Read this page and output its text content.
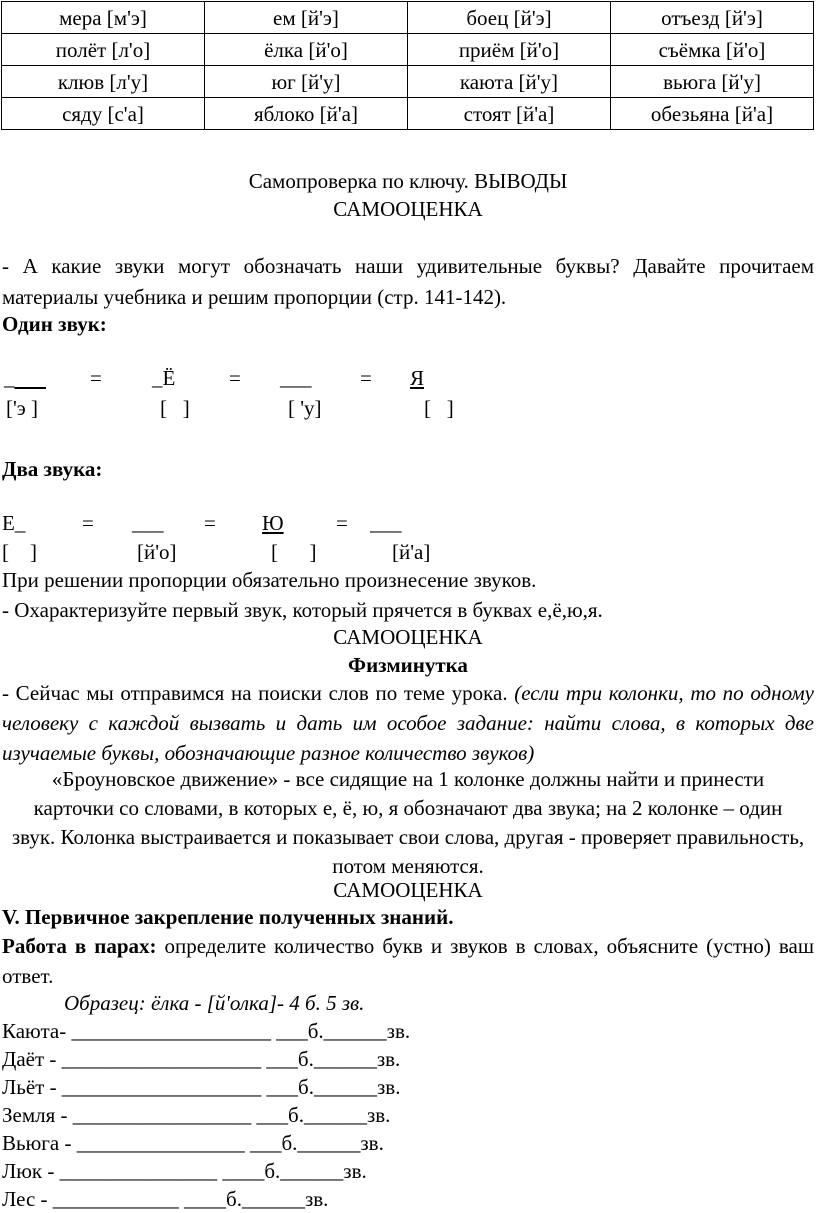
мера [м'э]	ем [й'э]	боец [й'э]	отъезд [й'э]
полёт [л'о]	ёлка [й'о]	приём [й'о]	съёмка [й'о]
клюв [л'у]	юг [й'у]	каюта [й'у]	вьюга [й'у]
сяду [с'а]	яблоко [й'а]	стоят [й'а]	обезьяна [й'а]
Самопроверка по ключу. ВЫВОДЫ
САМООЦЕНКА
- А какие звуки могут обозначать наши удивительные буквы? Давайте прочитаем материалы учебника и решим пропорции (стр. 141-142).
Один звук:
_	= _Ё	= ___ = Я
['э ]	[   ]	[ 'у]	[   ]
Два звука:
Е_	= ___ = Ю = ___
[    ]	[й'о]	[      ]	[й'а]
При решении пропорции обязательно произнесение звуков.
- Охарактеризуйте первый звук, который прячется в буквах е,ё,ю,я.
САМООЦЕНКА
Физминутка
- Сейчас мы отправимся на поиски слов по теме урока. (если три колонки, то по одному человеку с каждой вызвать и дать им особое задание: найти слова, в которых две изучаемые буквы, обозначающие разное количество звуков)
«Броуновское движение» - все сидящие на 1 колонке должны найти и принести карточки со словами, в которых е, ё, ю, я обозначают два звука; на 2 колонке – один звук. Колонка выстраивается и показывает свои слова, другая - проверяет правильность, потом меняются.
САМООЦЕНКА
V. Первичное закрепление полученных знаний.
Работа в парах: определите количество букв и звуков в словах, объясните (устно) ваш ответ.
Образец: ёлка - [й'олка]- 4 б. 5 зв.
Каюта- ___________________ ___б.______зв.
Даёт - ___________________ ___б.______зв.
Льёт - ___________________ ___б.______зв.
Земля - _________________ ___б.______зв.
Вьюга - ________________ ___б.______зв.
Люк - _______________ ____б.______зв.
Лес - ____________ ____б.______зв.
